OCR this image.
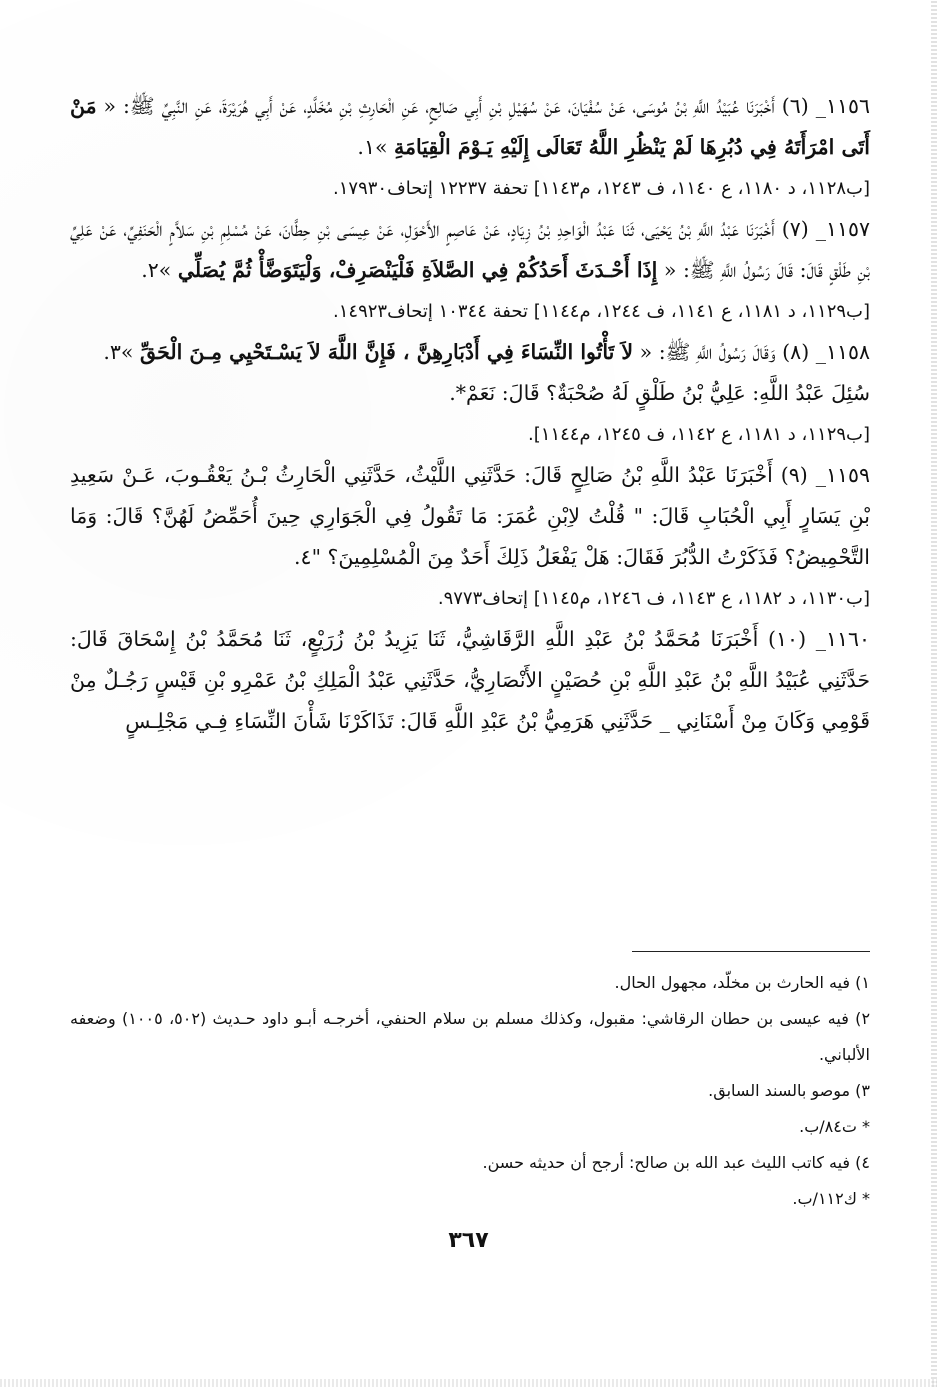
١١٥٦_ (٦) أَخْبَرَنَا عُبَيْدُ اللَّهِ بْنُ مُوسَى، عَنْ سُفْيَانَ، عَنْ سُهَيْلِ بْنِ أَبِي صَالِحٍ، عَنِ الْحَارِثِ بْنِ مُخَلَّدٍ، عَنْ أَبِي هُرَيْرَةَ، عَنِ النَّبِيِّ ﷺ: « مَنْ أَتَى امْرَأَتَهُ فِي دُبُرِهَا لَمْ يَنْظُرِ اللَّهُ تَعَالَى إِلَيْهِ يَـوْمَ الْقِيَامَةِ »١.

[ب١١٢٨، د ١١٨٠، ع ١١٤٠، ف ١٢٤٣، م١١٤٣] تحفة ١٢٢٣٧ إتحاف١٧٩٣٠.

١١٥٧_ (٧) أَخْبَرَنَا عَبْدُ اللَّهِ بْنُ يَحْيَى، ثَنَا عَبْدُ الْوَاحِدِ بْنُ زِيَادٍ، عَنْ عَاصِمٍ الأَحْوَلِ، عَنْ عِيسَى بْنِ حِطَّانَ، عَنْ مُسْلِمِ بْنِ سَلاَّمٍ الْحَنَفِيِّ، عَنْ عَلِيِّ بْنِ طَلْقٍ قَالَ: قَالَ رَسُولُ اللَّهِ ﷺ: « إِذَا أَحْـدَثَ أَحَدُكُمْ فِي الصَّلاَةِ فَلْيَنْصَرِفْ، وَلْيَتَوَضَّأْ ثُمَّ يُصَلِّي »٢.

[ب١١٢٩، د ١١٨١، ع ١١٤١، ف ١٢٤٤، م١١٤٤] تحفة ١٠٣٤٤ إتحاف١٤٩٢٣.

١١٥٨_ (٨) وَقَالَ رَسُولُ اللَّهِ ﷺ: « لاَ تَأْتُوا النِّسَاءَ فِي أَدْبَارِهِنَّ ، فَإِنَّ اللَّهَ لاَ يَسْـتَحْيِي مِـنَ الْحَقِّ »٣.

سُئِلَ عَبْدُ اللَّهِ: عَلِيُّ بْنُ طَلْقٍ لَهُ صُحْبَةٌ؟ قَالَ: نَعَمْ*.

[ب١١٢٩، د ١١٨١، ع ١١٤٢، ف ١٢٤٥، م١١٤٤].

١١٥٩_ (٩) أَخْبَرَنَا عَبْدُ اللَّهِ بْنُ صَالِحٍ قَالَ: حَدَّثَنِي اللَّيْثُ، حَدَّثَنِي الْحَارِثُ بْـنُ يَعْقُـوبَ، عَـنْ سَعِيدِ بْنِ يَسَارٍ أَبِي الْحُبَابِ قَالَ: " قُلْتُ لاِبْنِ عُمَرَ: مَا تَقُولُ فِي الْجَوَارِي حِينَ أُحَمِّضُ لَهُنَّ؟ قَالَ: وَمَا التَّحْمِيضُ؟ فَذَكَرْتُ الدُّبُرَ فَقَالَ: هَلْ يَفْعَلُ ذَلِكَ أَحَدٌ مِنَ الْمُسْلِمِينَ؟ "٤.

[ب١١٣٠، د ١١٨٢، ع ١١٤٣، ف ١٢٤٦، م١١٤٥] إتحاف٩٧٧٣.

١١٦٠_ (١٠) أَخْبَرَنَا مُحَمَّدُ بْنُ عَبْدِ اللَّهِ الرَّقَاشِيُّ، ثَنَا يَزِيدُ بْنُ زُرَيْعٍ، ثَنَا مُحَمَّدُ بْنُ إِسْحَاقَ قَالَ: حَدَّثَنِي عُبَيْدُ اللَّهِ بْنُ عَبْدِ اللَّهِ بْنِ حُصَيْنٍ الأَنْصَارِيُّ، حَدَّثَنِي عَبْدُ الْمَلِكِ بْنُ عَمْرِو بْنِ قَيْسٍ رَجُـلٌ مِنْ قَوْمِي وَكَانَ مِنْ أَسْنَانِي _ حَدَّثَنِي هَرَمِيُّ بْنُ عَبْدِ اللَّهِ قَالَ: تَذَاكَرْنَا شَأْنَ النِّسَاءِ فِـي مَجْلِـسٍ

١) فيه الحارث بن مخلّد، مجهول الحال.

٢) فيه عيسى بن حطان الرقاشي: مقبول، وكذلك مسلم بن سلام الحنفي، أخرجـه أبـو داود حـديث (٥٠٢، ١٠٠٥) وضعفه الألباني.

٣) موصو بالسند السابق.

* ت٨٤/ب.

٤) فيه كاتب الليث عبد الله بن صالح: أرجح أن حديثه حسن.

* ك١١٢/ب.

٣٦٧
